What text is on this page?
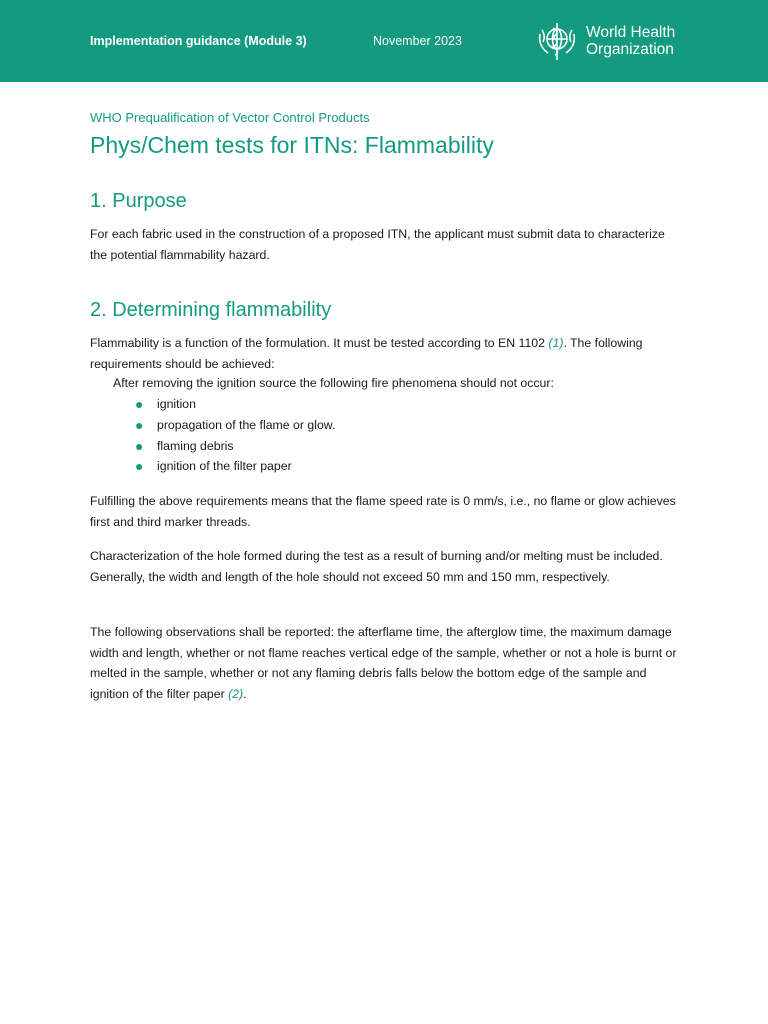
Implementation guidance (Module 3)	November 2023	World Health
Organization
WHO Prequalification of Vector Control Products
Phys/Chem tests for ITNs: Flammability
1. Purpose

For each fabric used in the construction of a proposed ITN, the applicant must submit data to characterize the potential flammability hazard.

2. Determining flammability

Flammability is a function of the formulation. It must be tested according to EN 1102 (1). The following requirements should be achieved:

After removing the ignition source the following fire phenomena should not occur:
● ignition
● propagation of the flame or glow.
● flaming debris
● ignition of the filter paper

Fulfilling the above requirements means that the flame speed rate is 0 mm/s, i.e., no flame or glow achieves first and third marker threads.

Characterization of the hole formed during the test as a result of burning and/or melting must be included. Generally, the width and length of the hole should not exceed 50 mm and 150 mm, respectively.

The following observations shall be reported: the afterflame time, the afterglow time, the maximum damage width and length, whether or not flame reaches vertical edge of the sample, whether or not a hole is burnt or melted in the sample, whether or not any flaming debris falls below the bottom edge of the sample and ignition of the filter paper (2).
